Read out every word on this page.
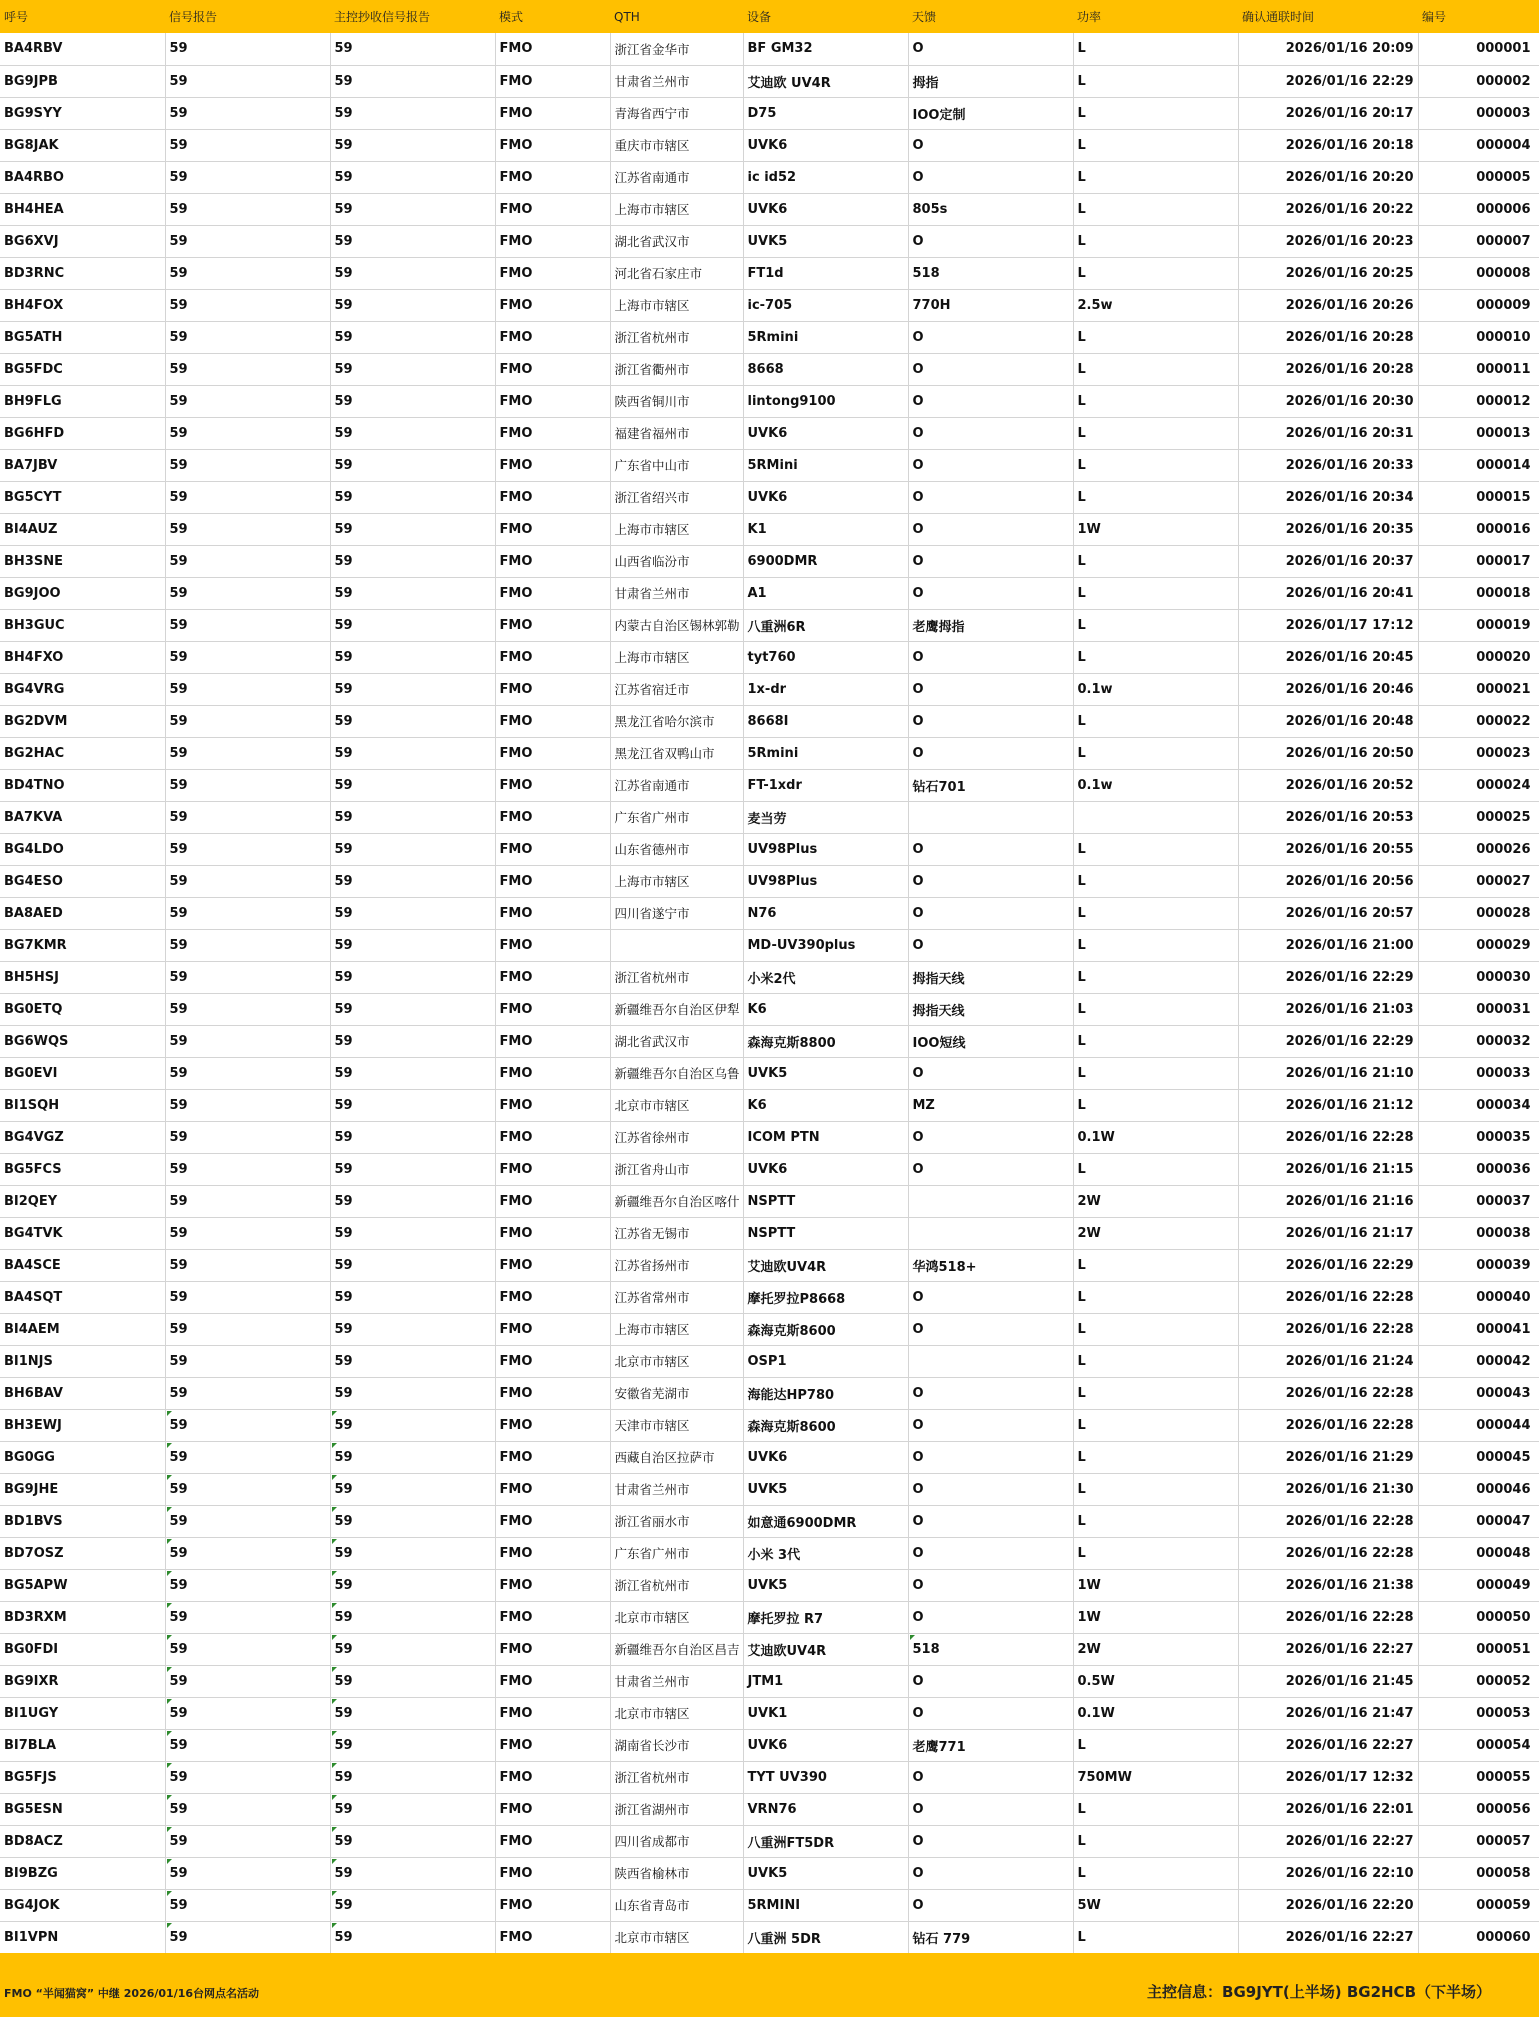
呼号	信号报告	主控抄收信号报告	模式	QTH	设备	天馈	功率	确认通联时间	编号
BA4RBV	59	59	FMO	浙江省金华市	BF GM32	O	L	2026/01/16 20:09	000001
BG9JPB	59	59	FMO	甘肃省兰州市	艾迪欧 UV4R	拇指	L	2026/01/16 22:29	000002
BG9SYY	59	59	FMO	青海省西宁市	D75	IOO定制	L	2026/01/16 20:17	000003
BG8JAK	59	59	FMO	重庆市市辖区	UVK6	O	L	2026/01/16 20:18	000004
BA4RBO	59	59	FMO	江苏省南通市	ic id52	O	L	2026/01/16 20:20	000005
BH4HEA	59	59	FMO	上海市市辖区	UVK6	805s	L	2026/01/16 20:22	000006
BG6XVJ	59	59	FMO	湖北省武汉市	UVK5	O	L	2026/01/16 20:23	000007
BD3RNC	59	59	FMO	河北省石家庄市	FT1d	518	L	2026/01/16 20:25	000008
BH4FOX	59	59	FMO	上海市市辖区	ic-705	770H	2.5w	2026/01/16 20:26	000009
BG5ATH	59	59	FMO	浙江省杭州市	5Rmini	O	L	2026/01/16 20:28	000010
BG5FDC	59	59	FMO	浙江省衢州市	8668	O	L	2026/01/16 20:28	000011
BH9FLG	59	59	FMO	陕西省铜川市	lintong9100	O	L	2026/01/16 20:30	000012
BG6HFD	59	59	FMO	福建省福州市	UVK6	O	L	2026/01/16 20:31	000013
BA7JBV	59	59	FMO	广东省中山市	5RMini	O	L	2026/01/16 20:33	000014
BG5CYT	59	59	FMO	浙江省绍兴市	UVK6	O	L	2026/01/16 20:34	000015
BI4AUZ	59	59	FMO	上海市市辖区	K1	O	1W	2026/01/16 20:35	000016
BH3SNE	59	59	FMO	山西省临汾市	6900DMR	O	L	2026/01/16 20:37	000017
BG9JOO	59	59	FMO	甘肃省兰州市	A1	O	L	2026/01/16 20:41	000018
BH3GUC	59	59	FMO	内蒙古自治区锡林郭勒	八重洲6R	老鹰拇指	L	2026/01/17 17:12	000019
BH4FXO	59	59	FMO	上海市市辖区	tyt760	O	L	2026/01/16 20:45	000020
BG4VRG	59	59	FMO	江苏省宿迁市	1x-dr	O	0.1w	2026/01/16 20:46	000021
BG2DVM	59	59	FMO	黑龙江省哈尔滨市	8668I	O	L	2026/01/16 20:48	000022
BG2HAC	59	59	FMO	黑龙江省双鸭山市	5Rmini	O	L	2026/01/16 20:50	000023
BD4TNO	59	59	FMO	江苏省南通市	FT-1xdr	钻石701	0.1w	2026/01/16 20:52	000024
BA7KVA	59	59	FMO	广东省广州市	麦当劳			2026/01/16 20:53	000025
BG4LDO	59	59	FMO	山东省德州市	UV98Plus	O	L	2026/01/16 20:55	000026
BG4ESO	59	59	FMO	上海市市辖区	UV98Plus	O	L	2026/01/16 20:56	000027
BA8AED	59	59	FMO	四川省遂宁市	N76	O	L	2026/01/16 20:57	000028
BG7KMR	59	59	FMO		MD-UV390plus	O	L	2026/01/16 21:00	000029
BH5HSJ	59	59	FMO	浙江省杭州市	小米2代	拇指天线	L	2026/01/16 22:29	000030
BG0ETQ	59	59	FMO	新疆维吾尔自治区伊犁	K6	拇指天线	L	2026/01/16 21:03	000031
BG6WQS	59	59	FMO	湖北省武汉市	森海克斯8800	IOO短线	L	2026/01/16 22:29	000032
BG0EVI	59	59	FMO	新疆维吾尔自治区乌鲁	UVK5	O	L	2026/01/16 21:10	000033
BI1SQH	59	59	FMO	北京市市辖区	K6	MZ	L	2026/01/16 21:12	000034
BG4VGZ	59	59	FMO	江苏省徐州市	ICOM PTN	O	0.1W	2026/01/16 22:28	000035
BG5FCS	59	59	FMO	浙江省舟山市	UVK6	O	L	2026/01/16 21:15	000036
BI2QEY	59	59	FMO	新疆维吾尔自治区喀什	NSPTT		2W	2026/01/16 21:16	000037
BG4TVK	59	59	FMO	江苏省无锡市	NSPTT		2W	2026/01/16 21:17	000038
BA4SCE	59	59	FMO	江苏省扬州市	艾迪欧UV4R	华鸿518+	L	2026/01/16 22:29	000039
BA4SQT	59	59	FMO	江苏省常州市	摩托罗拉P8668	O	L	2026/01/16 22:28	000040
BI4AEM	59	59	FMO	上海市市辖区	森海克斯8600	O	L	2026/01/16 22:28	000041
BI1NJS	59	59	FMO	北京市市辖区	OSP1		L	2026/01/16 21:24	000042
BH6BAV	59	59	FMO	安徽省芜湖市	海能达HP780	O	L	2026/01/16 22:28	000043
BH3EWJ	59	59	FMO	天津市市辖区	森海克斯8600	O	L	2026/01/16 22:28	000044
BG0GG	59	59	FMO	西藏自治区拉萨市	UVK6	O	L	2026/01/16 21:29	000045
BG9JHE	59	59	FMO	甘肃省兰州市	UVK5	O	L	2026/01/16 21:30	000046
BD1BVS	59	59	FMO	浙江省丽水市	如意通6900DMR	O	L	2026/01/16 22:28	000047
BD7OSZ	59	59	FMO	广东省广州市	小米 3代	O	L	2026/01/16 22:28	000048
BG5APW	59	59	FMO	浙江省杭州市	UVK5	O	1W	2026/01/16 21:38	000049
BD3RXM	59	59	FMO	北京市市辖区	摩托罗拉 R7	O	1W	2026/01/16 22:28	000050
BG0FDI	59	59	FMO	新疆维吾尔自治区昌吉	艾迪欧UV4R	518	2W	2026/01/16 22:27	000051
BG9IXR	59	59	FMO	甘肃省兰州市	JTM1	O	0.5W	2026/01/16 21:45	000052
BI1UGY	59	59	FMO	北京市市辖区	UVK1	O	0.1W	2026/01/16 21:47	000053
BI7BLA	59	59	FMO	湖南省长沙市	UVK6	老鹰771	L	2026/01/16 22:27	000054
BG5FJS	59	59	FMO	浙江省杭州市	TYT UV390	O	750MW	2026/01/17 12:32	000055
BG5ESN	59	59	FMO	浙江省湖州市	VRN76	O	L	2026/01/16 22:01	000056
BD8ACZ	59	59	FMO	四川省成都市	八重洲FT5DR	O	L	2026/01/16 22:27	000057
BI9BZG	59	59	FMO	陕西省榆林市	UVK5	O	L	2026/01/16 22:10	000058
BG4JOK	59	59	FMO	山东省青岛市	5RMINI	O	5W	2026/01/16 22:20	000059
BI1VPN	59	59	FMO	北京市市辖区	八重洲 5DR	钻石 779	L	2026/01/16 22:27	000060
FMO “半闻猫窝” 中继 2026/01/16台网点名活动	主控信息：BG9JYT(上半场) BG2HCB（下半场）
